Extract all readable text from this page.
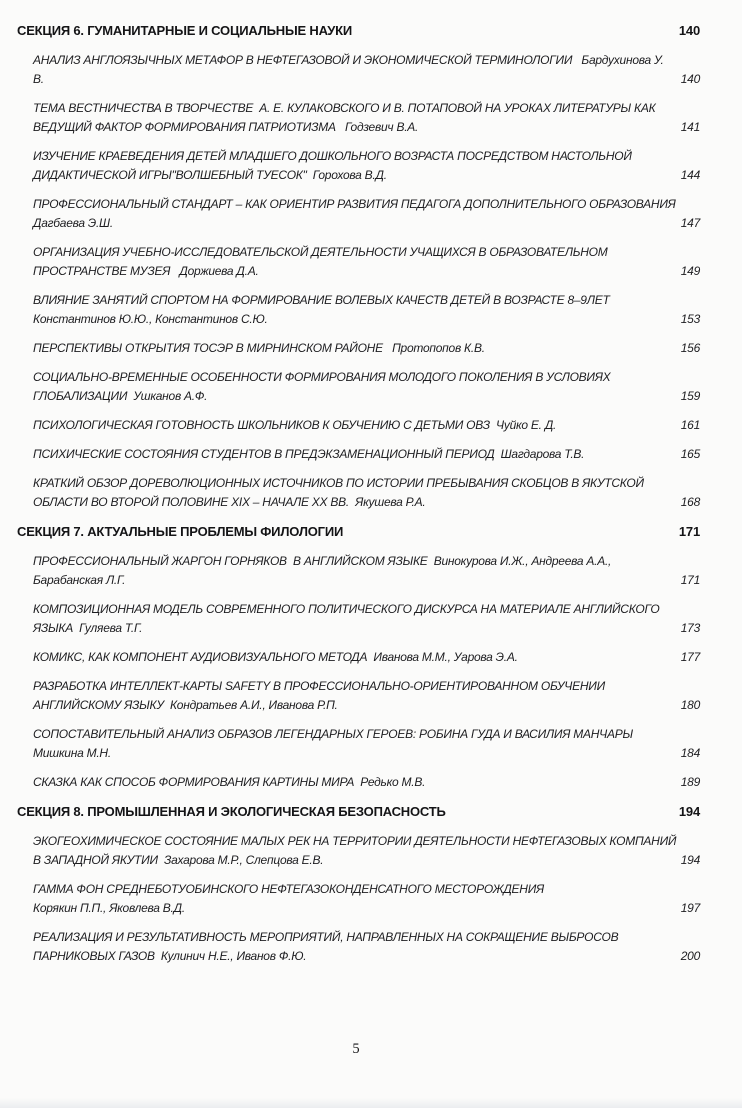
СЕКЦИЯ 6. ГУМАНИТАРНЫЕ И СОЦИАЛЬНЫЕ НАУКИ	140
АНАЛИЗ АНГЛОЯЗЫЧНЫХ МЕТАФОР В НЕФТЕГАЗОВОЙ И ЭКОНОМИЧЕСКОЙ ТЕРМИНОЛОГИИ   Бардухинова У.
В.	140
ТЕМА ВЕСТНИЧЕСТВА В ТВОРЧЕСТВЕ  А. Е. КУЛАКОВСКОГО И В. ПОТАПОВОЙ НА УРОКАХ ЛИТЕРАТУРЫ КАК
ВЕДУЩИЙ ФАКТОР ФОРМИРОВАНИЯ ПАТРИОТИЗМА   Годзевич В.А.	141
ИЗУЧЕНИЕ КРАЕВЕДЕНИЯ ДЕТЕЙ МЛАДШЕГО ДОШКОЛЬНОГО ВОЗРАСТА ПОСРЕДСТВОМ НАСТОЛЬНОЙ
ДИДАКТИЧЕСКОЙ ИГРЫ"ВОЛШЕБНЫЙ ТУЕСОК"  Горохова В.Д.	144
ПРОФЕССИОНАЛЬНЫЙ СТАНДАРТ – КАК ОРИЕНТИР РАЗВИТИЯ ПЕДАГОГА ДОПОЛНИТЕЛЬНОГО ОБРАЗОВАНИЯ
Дагбаева Э.Ш.	147
ОРГАНИЗАЦИЯ УЧЕБНО-ИССЛЕДОВАТЕЛЬСКОЙ ДЕЯТЕЛЬНОСТИ УЧАЩИХСЯ В ОБРАЗОВАТЕЛЬНОМ
ПРОСТРАНСТВЕ МУЗЕЯ   Доржиева Д.А.	149
ВЛИЯНИЕ ЗАНЯТИЙ СПОРТОМ НА ФОРМИРОВАНИЕ ВОЛЕВЫХ КАЧЕСТВ ДЕТЕЙ В ВОЗРАСТЕ 8–9ЛЕТ
Константинов Ю.Ю., Константинов С.Ю.	153
ПЕРСПЕКТИВЫ ОТКРЫТИЯ ТОСЭР В МИРНИНСКОМ РАЙОНЕ   Протопопов К.В.	156
СОЦИАЛЬНО-ВРЕМЕННЫЕ ОСОБЕННОСТИ ФОРМИРОВАНИЯ МОЛОДОГО ПОКОЛЕНИЯ В УСЛОВИЯХ
ГЛОБАЛИЗАЦИИ  Ушканов А.Ф.	159
ПСИХОЛОГИЧЕСКАЯ ГОТОВНОСТЬ ШКОЛЬНИКОВ К ОБУЧЕНИЮ С ДЕТЬМИ ОВЗ  Чуйко Е. Д.	161
ПСИХИЧЕСКИЕ СОСТОЯНИЯ СТУДЕНТОВ В ПРЕДЭКЗАМЕНАЦИОННЫЙ ПЕРИОД  Шагдарова Т.В.	165
КРАТКИЙ ОБЗОР ДОРЕВОЛЮЦИОННЫХ ИСТОЧНИКОВ ПО ИСТОРИИ ПРЕБЫВАНИЯ СКОБЦОВ В ЯКУТСКОЙ
ОБЛАСТИ ВО ВТОРОЙ ПОЛОВИНЕ XIX – НАЧАЛЕ XX ВВ.  Якушева Р.А.	168
СЕКЦИЯ 7. АКТУАЛЬНЫЕ ПРОБЛЕМЫ ФИЛОЛОГИИ	171
ПРОФЕССИОНАЛЬНЫЙ ЖАРГОН ГОРНЯКОВ  В АНГЛИЙСКОМ ЯЗЫКЕ  Винокурова И.Ж., Андреева А.А.,
Барабанская Л.Г.	171
КОМПОЗИЦИОННАЯ МОДЕЛЬ СОВРЕМЕННОГО ПОЛИТИЧЕСКОГО ДИСКУРСА НА МАТЕРИАЛЕ АНГЛИЙСКОГО
ЯЗЫКА  Гуляева Т.Г.	173
КОМИКС, КАК КОМПОНЕНТ АУДИОВИЗУАЛЬНОГО МЕТОДА  Иванова М.М., Уарова Э.А.	177
РАЗРАБОТКА ИНТЕЛЛЕКТ-КАРТЫ SAFETY В ПРОФЕССИОНАЛЬНО-ОРИЕНТИРОВАННОМ ОБУЧЕНИИ
АНГЛИЙСКОМУ ЯЗЫКУ  Кондратьев А.И., Иванова Р.П.	180
СОПОСТАВИТЕЛЬНЫЙ АНАЛИЗ ОБРАЗОВ ЛЕГЕНДАРНЫХ ГЕРОЕВ: РОБИНА ГУДА И ВАСИЛИЯ МАНЧАРЫ
Мишкина М.Н.	184
СКАЗКА КАК СПОСОБ ФОРМИРОВАНИЯ КАРТИНЫ МИРА  Редько М.В.	189
СЕКЦИЯ 8. ПРОМЫШЛЕННАЯ И ЭКОЛОГИЧЕСКАЯ БЕЗОПАСНОСТЬ	194
ЭКОГЕОХИМИЧЕСКОЕ СОСТОЯНИЕ МАЛЫХ РЕК НА ТЕРРИТОРИИ ДЕЯТЕЛЬНОСТИ НЕФТЕГАЗОВЫХ КОМПАНИЙ
В ЗАПАДНОЙ ЯКУТИИ  Захарова М.Р., Слепцова Е.В.	194
ГАММА ФОН СРЕДНЕБОТУОБИНСКОГО НЕФТЕГАЗОКОНДЕНСАТНОГО МЕСТОРОЖДЕНИЯ
Корякин П.П., Яковлева В.Д.	197
РЕАЛИЗАЦИЯ И РЕЗУЛЬТАТИВНОСТЬ МЕРОПРИЯТИЙ, НАПРАВЛЕННЫХ НА СОКРАЩЕНИЕ ВЫБРОСОВ
ПАРНИКОВЫХ ГАЗОВ  Кулинич Н.Е., Иванов Ф.Ю.	200
5
